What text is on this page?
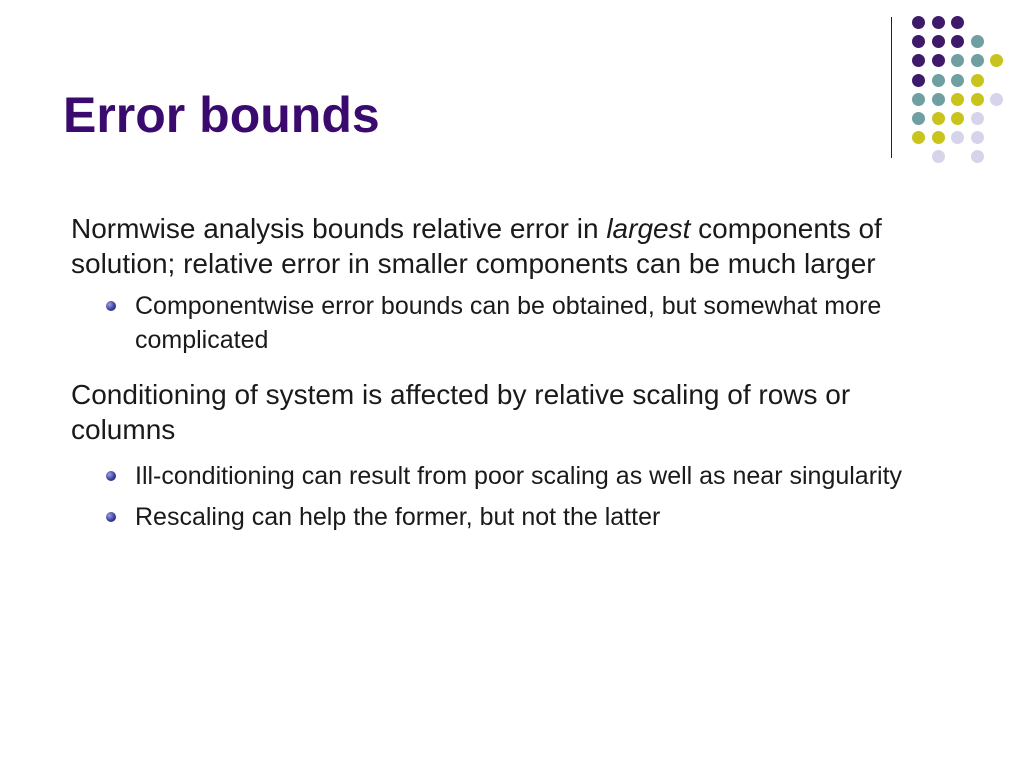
Error bounds

Normwise analysis bounds relative error in largest components of solution; relative error in smaller components can be much larger

Componentwise error bounds can be obtained, but somewhat more complicated

Conditioning of system is affected by relative scaling of rows or columns

Ill-conditioning can result from poor scaling as well as near singularity
Rescaling can help the former, but not the latter
